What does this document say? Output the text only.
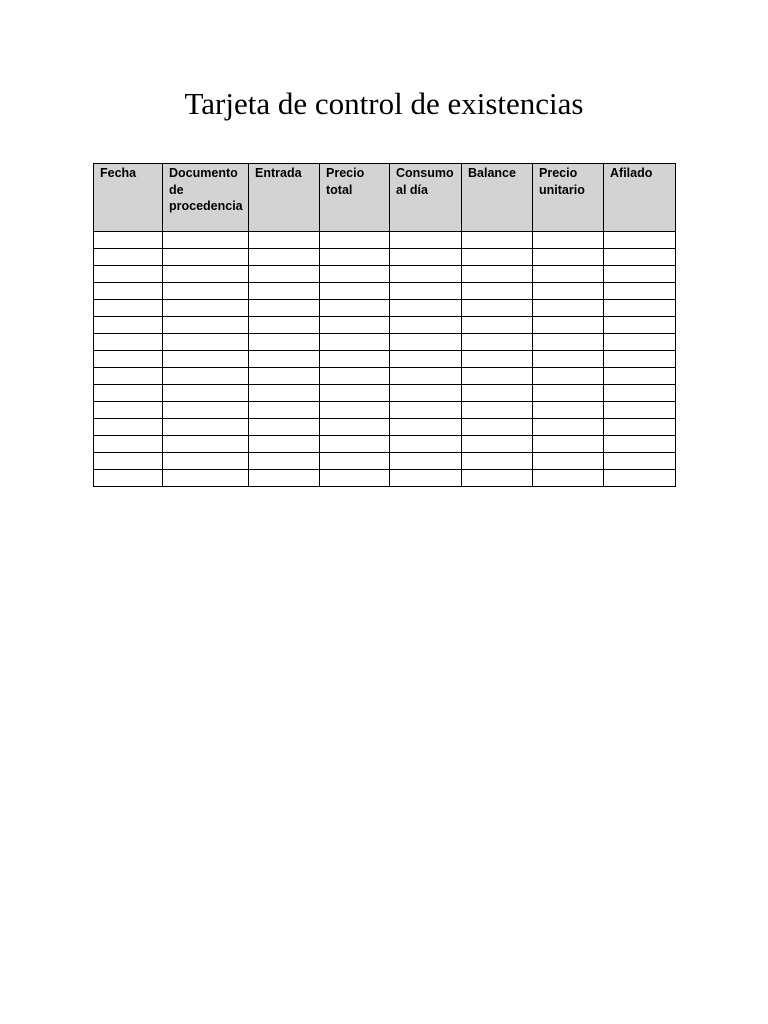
Tarjeta de control de existencias
Fecha	Documento de procedencia	Entrada	Precio total	Consumo al día	Balance	Precio unitario	Afilado
